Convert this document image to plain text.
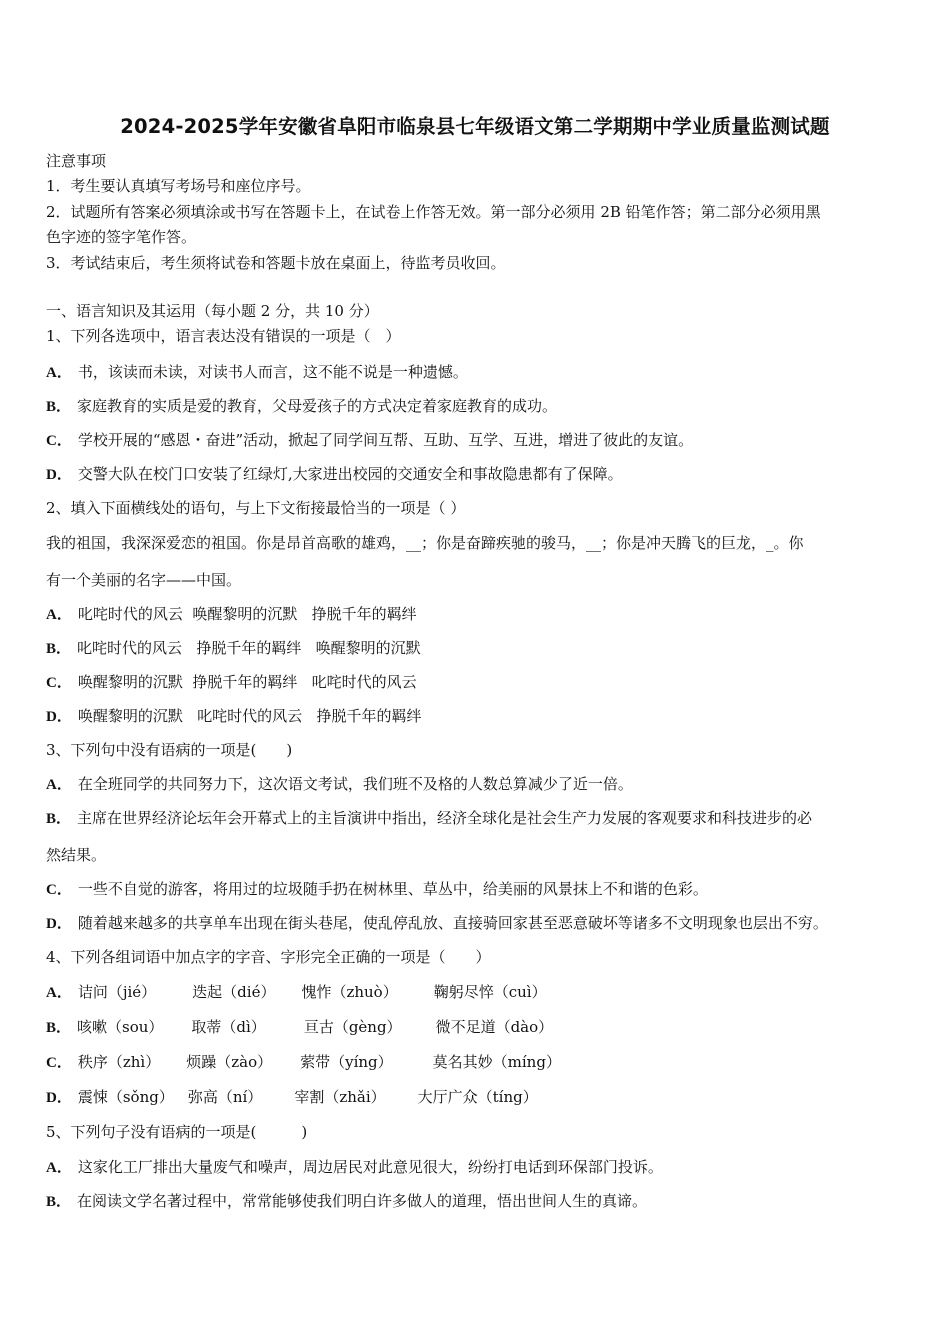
2024-2025学年安徽省阜阳市临泉县七年级语文第二学期期中学业质量监测试题
注意事项
1．考生要认真填写考场号和座位序号。
2．试题所有答案必须填涂或书写在答题卡上，在试卷上作答无效。第一部分必须用 2B 铅笔作答；第二部分必须用黑
色字迹的签字笔作答。
3．考试结束后，考生须将试卷和答题卡放在桌面上，待监考员收回。
一、语言知识及其运用（每小题 2 分，共 10 分）
1、下列各选项中，语言表达没有错误的一项是（　）
A． 书，该读而未读，对读书人而言，这不能不说是一种遗憾。
B． 家庭教育的实质是爱的教育，父母爱孩子的方式决定着家庭教育的成功。
C． 学校开展的“感恩・奋进”活动，掀起了同学间互帮、互助、互学、互进，增进了彼此的友谊。
D． 交警大队在校门口安装了红绿灯,大家进出校园的交通安全和事故隐患都有了保障。
2、填入下面横线处的语句，与上下文衔接最恰当的一项是（ ）
我的祖国，我深深爱恋的祖国。你是昂首高歌的雄鸡，__；你是奋蹄疾驰的骏马，__；你是冲天腾飞的巨龙，_。你
有一个美丽的名字——中国。
A． 叱咤时代的风云  唤醒黎明的沉默   挣脱千年的羁绊
B． 叱咤时代的风云   挣脱千年的羁绊   唤醒黎明的沉默
C． 唤醒黎明的沉默  挣脱千年的羁绊   叱咤时代的风云
D． 唤醒黎明的沉默   叱咤时代的风云   挣脱千年的羁绊
3、下列句中没有语病的一项是(　　)
A． 在全班同学的共同努力下，这次语文考试，我们班不及格的人数总算减少了近一倍。
B． 主席在世界经济论坛年会开幕式上的主旨演讲中指出，经济全球化是社会生产力发展的客观要求和科技进步的必
然结果。
C． 一些不自觉的游客，将用过的垃圾随手扔在树林里、草丛中，给美丽的风景抹上不和谐的色彩。
D． 随着越来越多的共享单车出现在街头巷尾，使乱停乱放、直接骑回家甚至恶意破坏等诸多不文明现象也层出不穷。
4、下列各组词语中加点字的字音、字形完全正确的一项是（　　）
A． 诘问（jié） 迭起（dié） 愧怍（zhuò） 鞠躬尽悴（cuì）
B． 咳嗽（sou） 取蒂（dì）	亘古（gèng） 微不足道（dào）
C． 秩序（zhì） 烦躁（zào） 萦带（yíng）	莫名其妙（míng）
D． 震悚（sǒng） 弥高（ní） 宰割（zhǎi） 大厅广众（tíng）
5、下列句子没有语病的一项是(　　　)
A． 这家化工厂排出大量废气和噪声，周边居民对此意见很大，纷纷打电话到环保部门投诉。
B． 在阅读文学名著过程中，常常能够使我们明白许多做人的道理，悟出世间人生的真谛。
